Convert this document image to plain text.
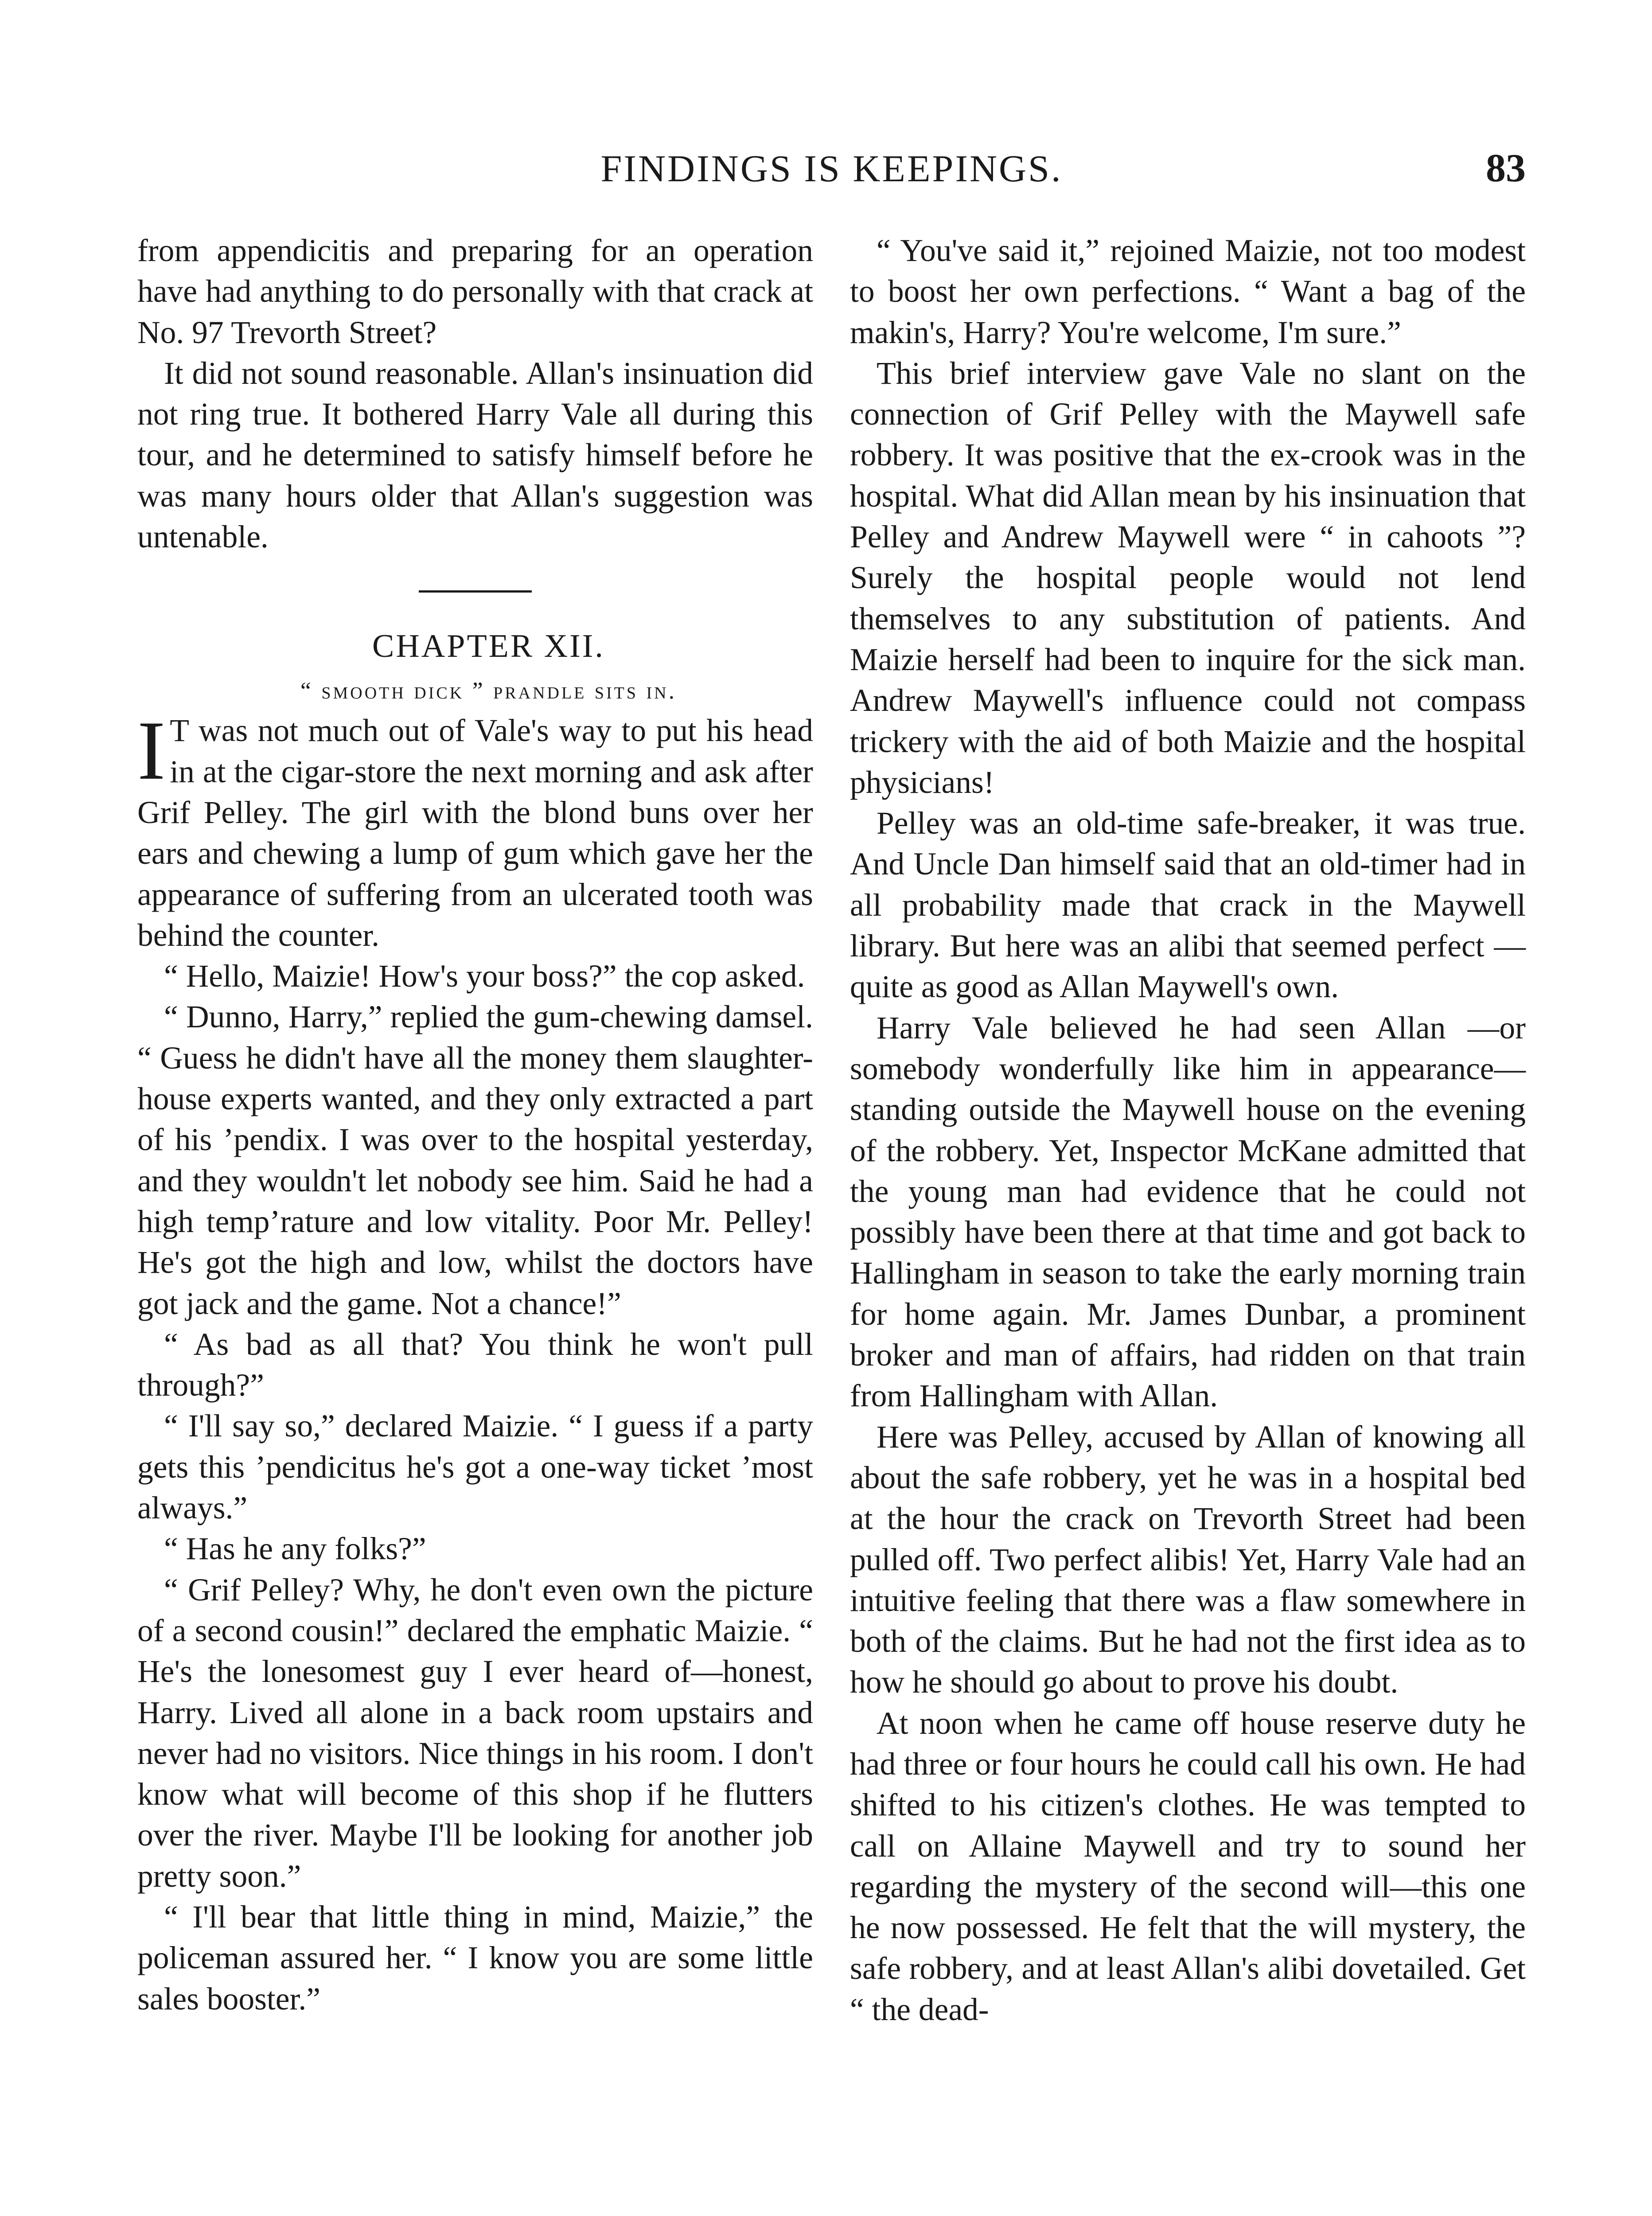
FINDINGS IS KEEPINGS.	83

from appendicitis and preparing for an operation have had anything to do personally with that crack at No. 97 Trevorth Street?

It did not sound reasonable. Allan's insinuation did not ring true. It bothered Harry Vale all during this tour, and he determined to satisfy himself before he was many hours older that Allan's suggestion was untenable.

CHAPTER XII.

“ smooth dick ” prandle sits in.

I T was not much out of Vale's way to put his head in at the cigar-store the next morning and ask after Grif Pelley. The girl with the blond buns over her ears and chewing a lump of gum which gave her the appearance of suffering from an ulcerated tooth was behind the counter.

“ Hello, Maizie! How's your boss?” the cop asked.

“ Dunno, Harry,” replied the gum-chewing damsel. “ Guess he didn't have all the money them slaughter-house experts wanted, and they only extracted a part of his ’pendix. I was over to the hospital yesterday, and they wouldn't let nobody see him. Said he had a high temp’rature and low vitality. Poor Mr. Pelley! He's got the high and low, whilst the doctors have got jack and the game. Not a chance!”

“ As bad as all that? You think he won't pull through?”

“ I'll say so,” declared Maizie. “ I guess if a party gets this ’pendicitus he's got a one-way ticket ’most always.”

“ Has he any folks?”

“ Grif Pelley? Why, he don't even own the picture of a second cousin!” declared the emphatic Maizie. “ He's the lonesomest guy I ever heard of—honest, Harry. Lived all alone in a back room upstairs and never had no visitors. Nice things in his room. I don't know what will become of this shop if he flutters over the river. Maybe I'll be looking for another job pretty soon.”

“ I'll bear that little thing in mind, Maizie,” the policeman assured her. “ I know you are some little sales booster.”

“ You've said it,” rejoined Maizie, not too modest to boost her own perfections. “ Want a bag of the makin's, Harry? You're welcome, I'm sure.”

This brief interview gave Vale no slant on the connection of Grif Pelley with the Maywell safe robbery. It was positive that the ex-crook was in the hospital. What did Allan mean by his insinuation that Pelley and Andrew Maywell were “ in cahoots ”? Surely the hospital people would not lend themselves to any substitution of patients. And Maizie herself had been to inquire for the sick man. Andrew Maywell's influence could not compass trickery with the aid of both Maizie and the hospital physicians!

Pelley was an old-time safe-breaker, it was true. And Uncle Dan himself said that an old-timer had in all probability made that crack in the Maywell library. But here was an alibi that seemed perfect —quite as good as Allan Maywell's own.

Harry Vale believed he had seen Allan —or somebody wonderfully like him in appearance—standing outside the Maywell house on the evening of the robbery. Yet, Inspector McKane admitted that the young man had evidence that he could not possibly have been there at that time and got back to Hallingham in season to take the early morning train for home again. Mr. James Dunbar, a prominent broker and man of affairs, had ridden on that train from Hallingham with Allan.

Here was Pelley, accused by Allan of knowing all about the safe robbery, yet he was in a hospital bed at the hour the crack on Trevorth Street had been pulled off. Two perfect alibis! Yet, Harry Vale had an intuitive feeling that there was a flaw somewhere in both of the claims. But he had not the first idea as to how he should go about to prove his doubt.

At noon when he came off house reserve duty he had three or four hours he could call his own. He had shifted to his citizen's clothes. He was tempted to call on Allaine Maywell and try to sound her regarding the mystery of the second will—this one he now possessed. He felt that the will mystery, the safe robbery, and at least Allan's alibi dovetailed. Get “ the dead-
